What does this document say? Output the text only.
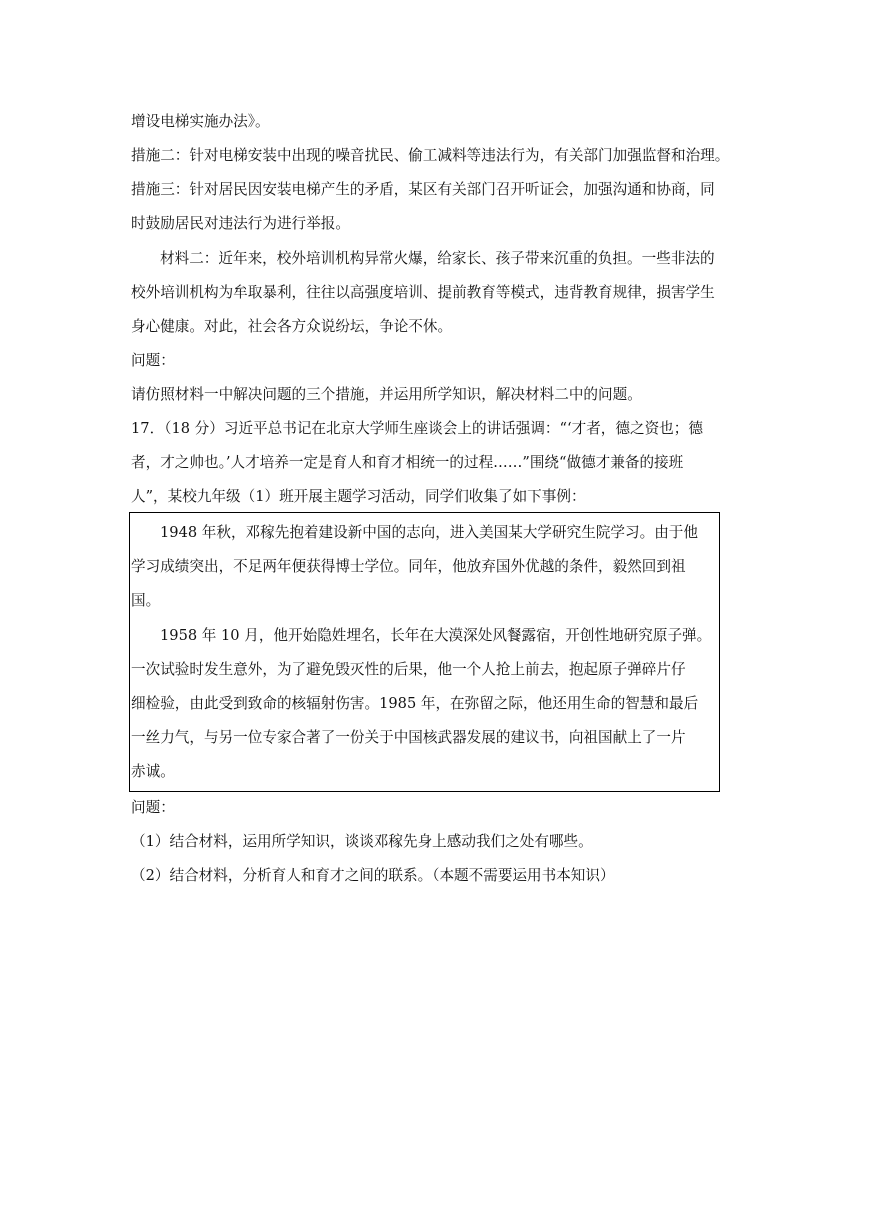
增设电梯实施办法》。
措施二：针对电梯安装中出现的噪音扰民、偷工减料等违法行为，有关部门加强监督和治理。
措施三：针对居民因安装电梯产生的矛盾，某区有关部门召开听证会，加强沟通和协商，同
时鼓励居民对违法行为进行举报。
材料二：近年来，校外培训机构异常火爆，给家长、孩子带来沉重的负担。一些非法的
校外培训机构为牟取暴利，往往以高强度培训、提前教育等模式，违背教育规律，损害学生
身心健康。对此，社会各方众说纷坛，争论不休。
问题：
请仿照材料一中解决问题的三个措施，并运用所学知识，解决材料二中的问题。
17．（18 分）习近平总书记在北京大学师生座谈会上的讲话强调：“‘才者，德之资也；德
者，才之帅也。’人才培养一定是育人和育才相统一的过程……”围绕“做德才兼备的接班
人”，某校九年级（1）班开展主题学习活动，同学们收集了如下事例：
1948 年秋，邓稼先抱着建设新中国的志向，进入美国某大学研究生院学习。由于他
学习成绩突出，不足两年便获得博士学位。同年，他放弃国外优越的条件，毅然回到祖
国。
1958 年 10 月，他开始隐姓埋名，长年在大漠深处风餐露宿，开创性地研究原子弹。
一次试验时发生意外，为了避免毁灭性的后果，他一个人抢上前去，抱起原子弹碎片仔
细检验，由此受到致命的核辐射伤害。1985 年，在弥留之际，他还用生命的智慧和最后
一丝力气，与另一位专家合著了一份关于中国核武器发展的建议书，向祖国献上了一片
赤诚。
问题：
（1）结合材料，运用所学知识，谈谈邓稼先身上感动我们之处有哪些。
（2）结合材料，分析育人和育才之间的联系。（本题不需要运用书本知识）
